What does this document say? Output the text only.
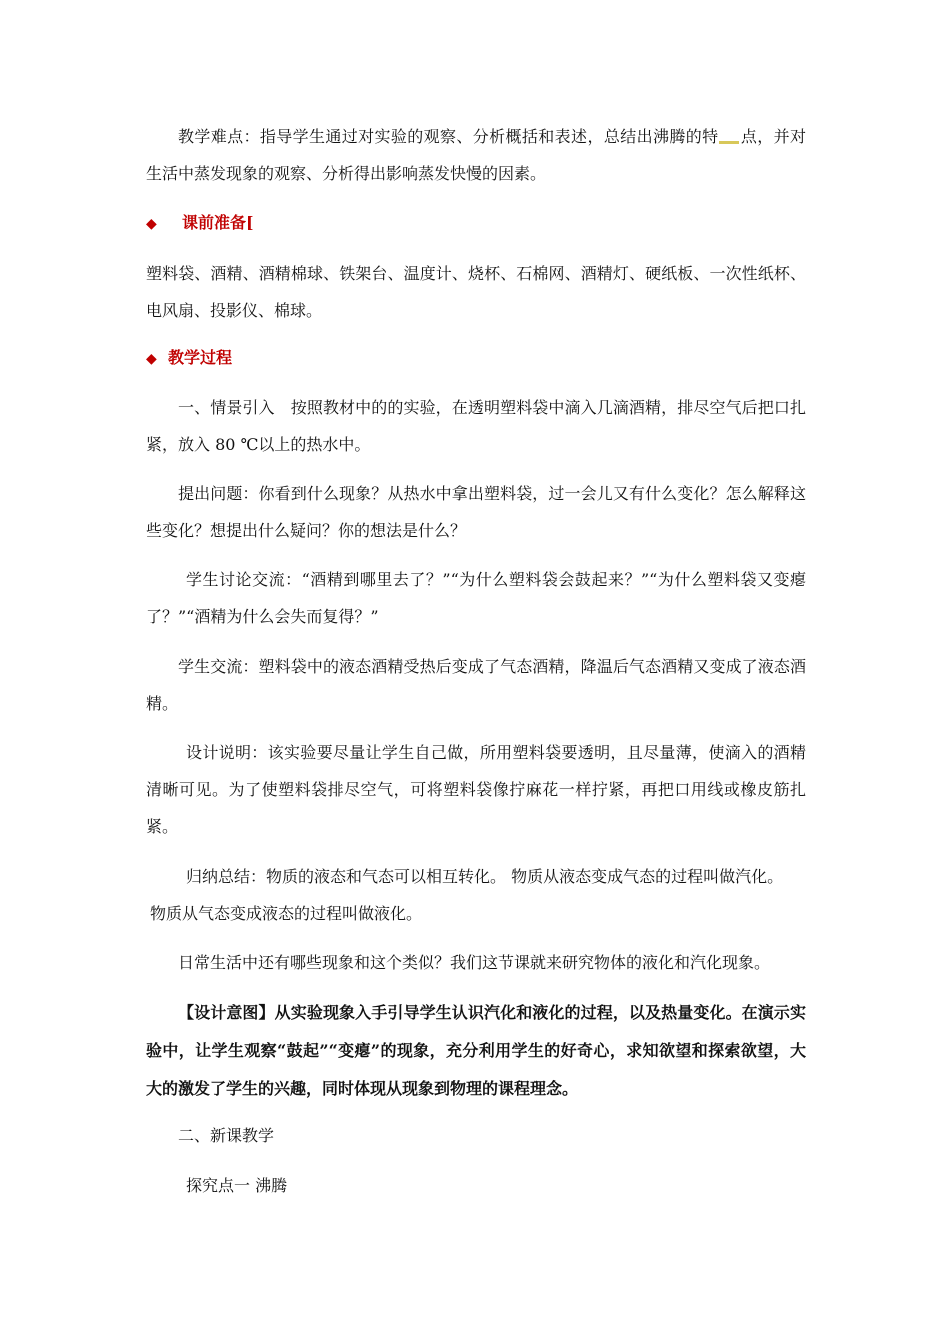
教学难点：指导学生通过对实验的观察、分析概括和表述，总结出沸腾的特 点，并对生活中蒸发现象的观察、分析得出影响蒸发快慢的因素。

◆ 课前准备[

塑料袋、酒精、酒精棉球、铁架台、温度计、烧杯、石棉网、酒精灯、硬纸板、一次性纸杯、电风扇、投影仪、棉球。

◆ 教学过程

一、情景引入　按照教材中的的实验，在透明塑料袋中滴入几滴酒精，排尽空气后把口扎紧，放入 80 ℃以上的热水中。

提出问题：你看到什么现象？从热水中拿出塑料袋，过一会儿又有什么变化？怎么解释这些变化？想提出什么疑问？你的想法是什么？

学生讨论交流：“酒精到哪里去了？”“为什么塑料袋会鼓起来？”“为什么塑料袋又变瘪了？”“酒精为什么会失而复得？”

学生交流：塑料袋中的液态酒精受热后变成了气态酒精，降温后气态酒精又变成了液态酒精。

设计说明：该实验要尽量让学生自己做，所用塑料袋要透明，且尽量薄，使滴入的酒精清晰可见。为了使塑料袋排尽空气，可将塑料袋像拧麻花一样拧紧，再把口用线或橡皮筋扎紧。

归纳总结：物质的液态和气态可以相互转化。 物质从液态变成气态的过程叫做汽化。

物质从气态变成液态的过程叫做液化。

日常生活中还有哪些现象和这个类似？我们这节课就来研究物体的液化和汽化现象。

【设计意图】从实验现象入手引导学生认识汽化和液化的过程，以及热量变化。在演示实验中，让学生观察“鼓起”“变瘪”的现象，充分利用学生的好奇心，求知欲望和探索欲望，大大的激发了学生的兴趣，同时体现从现象到物理的课程理念。

二、新课教学

探究点一 沸腾
